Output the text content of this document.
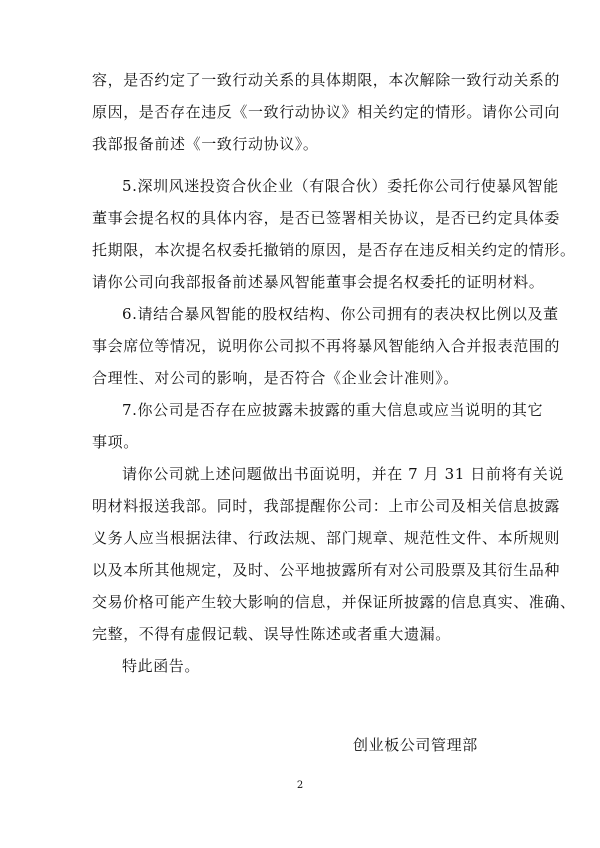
容，是否约定了一致行动关系的具体期限，本次解除一致行动关系的
原因，是否存在违反《一致行动协议》相关约定的情形。请你公司向
我部报备前述《一致行动协议》。
5.深圳风迷投资合伙企业（有限合伙）委托你公司行使暴风智能
董事会提名权的具体内容，是否已签署相关协议，是否已约定具体委
托期限，本次提名权委托撤销的原因，是否存在违反相关约定的情形。
请你公司向我部报备前述暴风智能董事会提名权委托的证明材料。
6.请结合暴风智能的股权结构、你公司拥有的表决权比例以及董
事会席位等情况，说明你公司拟不再将暴风智能纳入合并报表范围的
合理性、对公司的影响，是否符合《企业会计准则》。
7.你公司是否存在应披露未披露的重大信息或应当说明的其它
事项。
请你公司就上述问题做出书面说明，并在 7 月 31 日前将有关说
明材料报送我部。同时，我部提醒你公司：上市公司及相关信息披露
义务人应当根据法律、行政法规、部门规章、规范性文件、本所规则
以及本所其他规定，及时、公平地披露所有对公司股票及其衍生品种
交易价格可能产生较大影响的信息，并保证所披露的信息真实、准确、
完整，不得有虚假记载、误导性陈述或者重大遗漏。
特此函告。
创业板公司管理部
2
